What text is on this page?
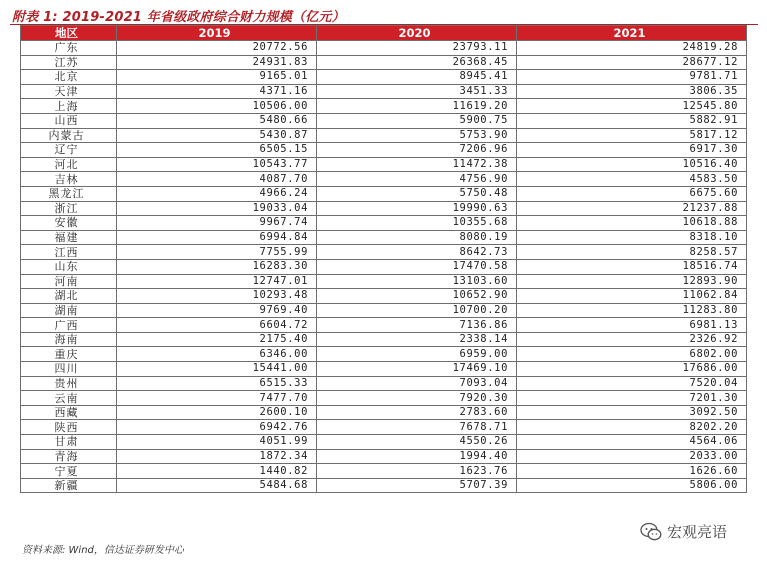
附表 1: 2019-2021 年省级政府综合财力规模（亿元）
地区	2019	2020	2021
广东	20772.56	23793.11	24819.28
江苏	24931.83	26368.45	28677.12
北京	9165.01	8945.41	9781.71
天津	4371.16	3451.33	3806.35
上海	10506.00	11619.20	12545.80
山西	5480.66	5900.75	5882.91
内蒙古	5430.87	5753.90	5817.12
辽宁	6505.15	7206.96	6917.30
河北	10543.77	11472.38	10516.40
吉林	4087.70	4756.90	4583.50
黑龙江	4966.24	5750.48	6675.60
浙江	19033.04	19990.63	21237.88
安徽	9967.74	10355.68	10618.88
福建	6994.84	8080.19	8318.10
江西	7755.99	8642.73	8258.57
山东	16283.30	17470.58	18516.74
河南	12747.01	13103.60	12893.90
湖北	10293.48	10652.90	11062.84
湖南	9769.40	10700.20	11283.80
广西	6604.72	7136.86	6981.13
海南	2175.40	2338.14	2326.92
重庆	6346.00	6959.00	6802.00
四川	15441.00	17469.10	17686.00
贵州	6515.33	7093.04	7520.04
云南	7477.70	7920.30	7201.30
西藏	2600.10	2783.60	3092.50
陕西	6942.76	7678.71	8202.20
甘肃	4051.99	4550.26	4564.06
青海	1872.34	1994.40	2033.00
宁夏	1440.82	1623.76	1626.60
新疆	5484.68	5707.39	5806.00
资料来源: Wind，信达证券研发中心
宏观亮语
